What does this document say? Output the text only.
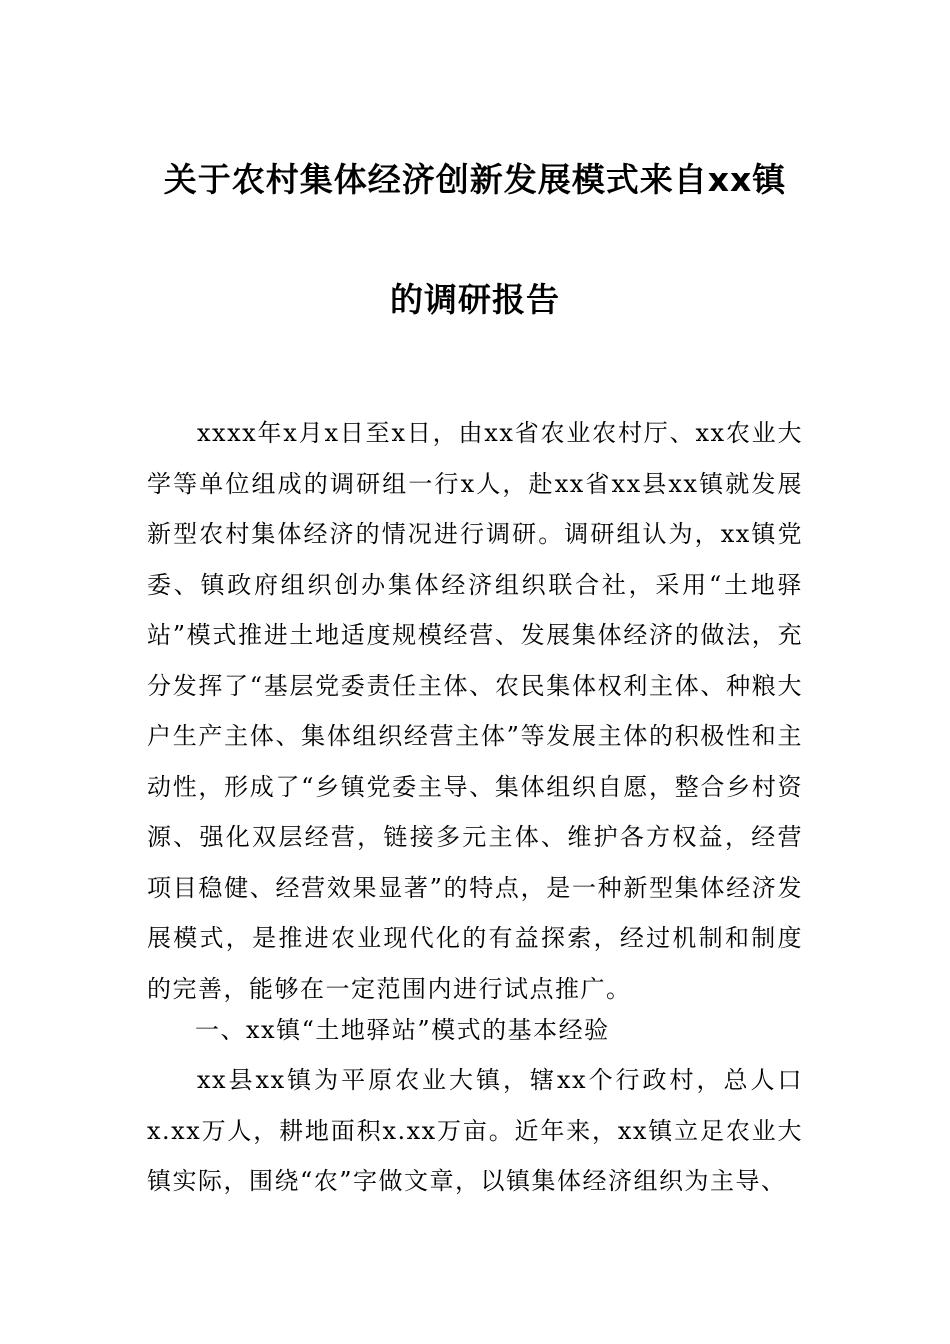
关于农村集体经济创新发展模式来自xx镇
的调研报告

xxxx年x月x日至x日，由xx省农业农村厅、xx农业大学等单位组成的调研组一行x人，赴xx省xx县xx镇就发展新型农村集体经济的情况进行调研。调研组认为，xx镇党委、镇政府组织创办集体经济组织联合社，采用“土地驿站”模式推进土地适度规模经营、发展集体经济的做法，充分发挥了“基层党委责任主体、农民集体权利主体、种粮大户生产主体、集体组织经营主体”等发展主体的积极性和主动性，形成了“乡镇党委主导、集体组织自愿，整合乡村资源、强化双层经营，链接多元主体、维护各方权益，经营项目稳健、经营效果显著”的特点，是一种新型集体经济发展模式，是推进农业现代化的有益探索，经过机制和制度的完善，能够在一定范围内进行试点推广。

一、xx镇“土地驿站”模式的基本经验

xx县xx镇为平原农业大镇，辖xx个行政村，总人口x.xx万人，耕地面积x.xx万亩。近年来，xx镇立足农业大镇实际，围绕“农”字做文章，以镇集体经济组织为主导、
